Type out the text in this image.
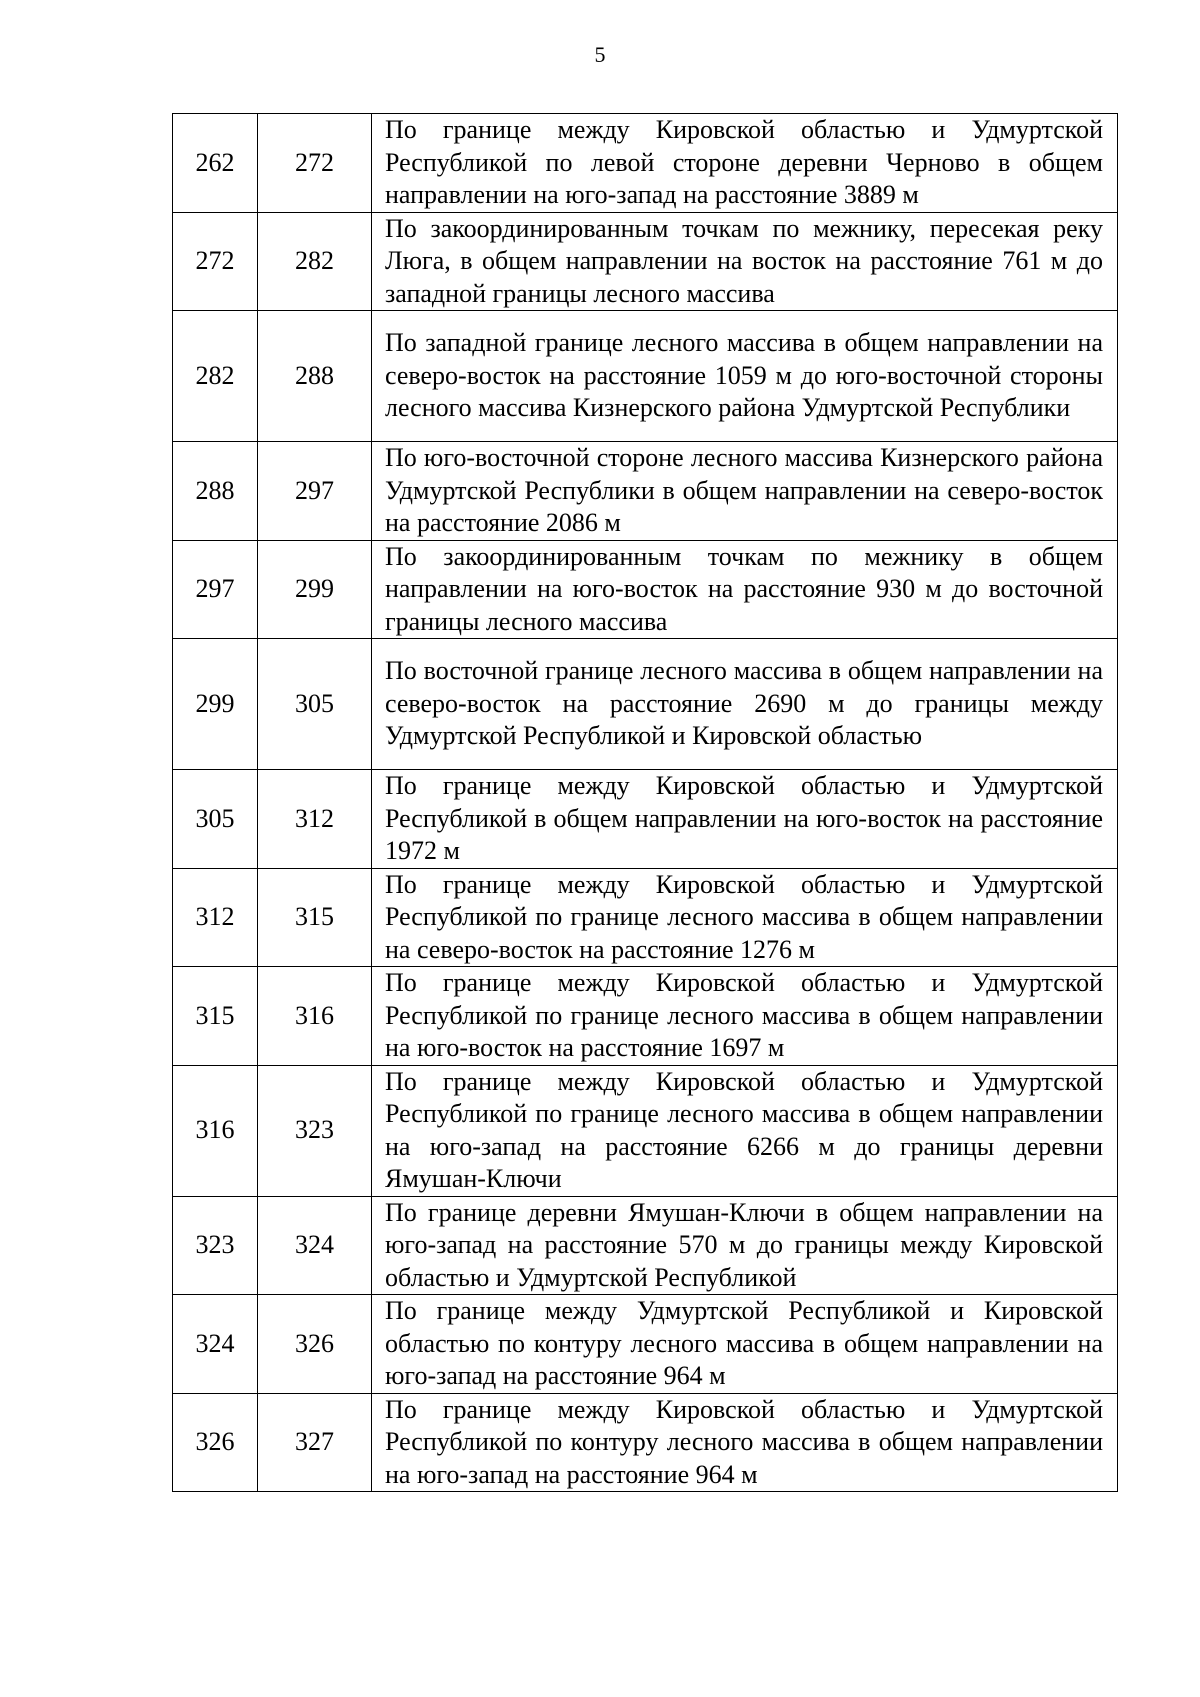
5
262	272	По границе между Кировской областью и Удмуртской Республикой по левой стороне деревни Черново в общем направлении на юго-запад на расстояние 3889 м
272	282	По закоординированным точкам по межнику, пересекая реку Люга, в общем направлении на восток на расстояние 761 м до западной границы лесного массива
282	288	По западной границе лесного массива в общем направлении на северо-восток на расстояние 1059 м до юго-восточной стороны лесного массива Кизнерского района Удмуртской Республики
288	297	По юго-восточной стороне лесного массива Кизнерского района Удмуртской Республики в общем направлении на северо-восток на расстояние 2086 м
297	299	По закоординированным точкам по межнику в общем направлении на юго-восток на расстояние 930 м до восточной границы лесного массива
299	305	По восточной границе лесного массива в общем направлении на северо-восток на расстояние 2690 м до границы между Удмуртской Республикой и Кировской областью
305	312	По границе между Кировской областью и Удмуртской Республикой в общем направлении на юго-восток на расстояние 1972 м
312	315	По границе между Кировской областью и Удмуртской Республикой по границе лесного массива в общем направлении на северо-восток на расстояние 1276 м
315	316	По границе между Кировской областью и Удмуртской Республикой по границе лесного массива в общем направлении на юго-восток на расстояние 1697 м
316	323	По границе между Кировской областью и Удмуртской Республикой по границе лесного массива в общем направлении на юго-запад на расстояние 6266 м до границы деревни Ямушан-Ключи
323	324	По границе деревни Ямушан-Ключи в общем направлении на юго-запад на расстояние 570 м до границы между Кировской областью и Удмуртской Республикой
324	326	По границе между Удмуртской Республикой и Кировской областью по контуру лесного массива в общем направлении на юго-запад на расстояние 964 м
326	327	По границе между Кировской областью и Удмуртской Республикой по контуру лесного массива в общем направлении на юго-запад на расстояние 964 м
